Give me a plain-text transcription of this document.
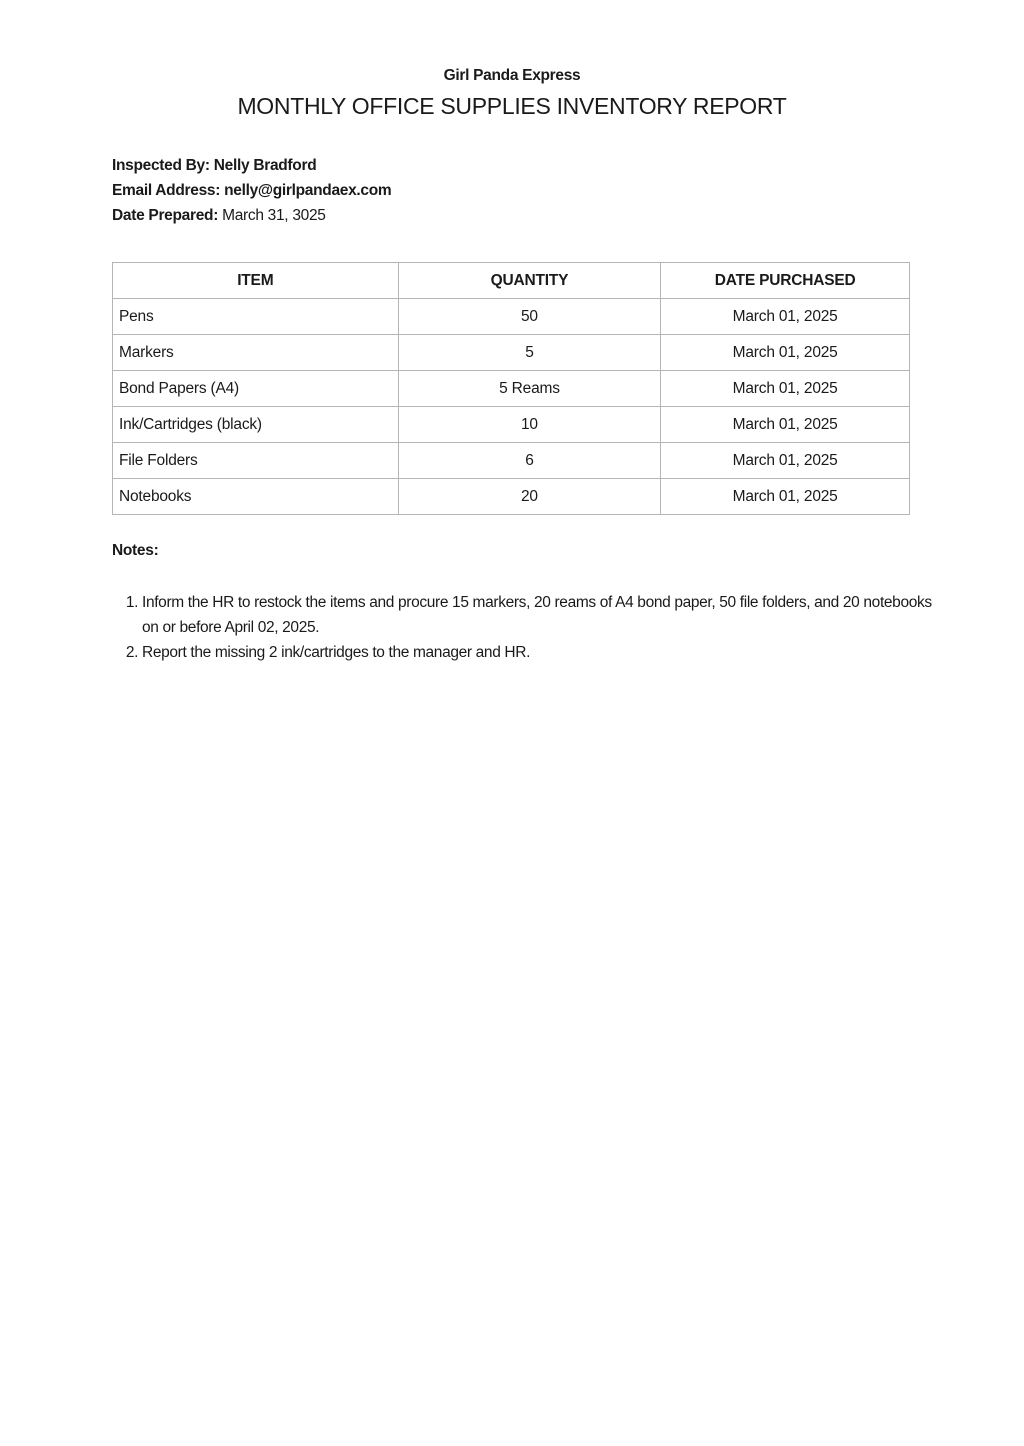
Girl Panda Express
MONTHLY OFFICE SUPPLIES INVENTORY REPORT
Inspected By: Nelly Bradford
Email Address: nelly@girlpandaex.com
Date Prepared: March 31, 3025
ITEM	QUANTITY	DATE PURCHASED
Pens	50	March 01, 2025
Markers	5	March 01, 2025
Bond Papers (A4)	5 Reams	March 01, 2025
Ink/Cartridges (black)	10	March 01, 2025
File Folders	6	March 01, 2025
Notebooks	20	March 01, 2025
Notes:
1. Inform the HR to restock the items and procure 15 markers, 20 reams of A4 bond paper, 50 file folders, and 20 notebooks on or before April 02, 2025.
2. Report the missing 2 ink/cartridges to the manager and HR.
